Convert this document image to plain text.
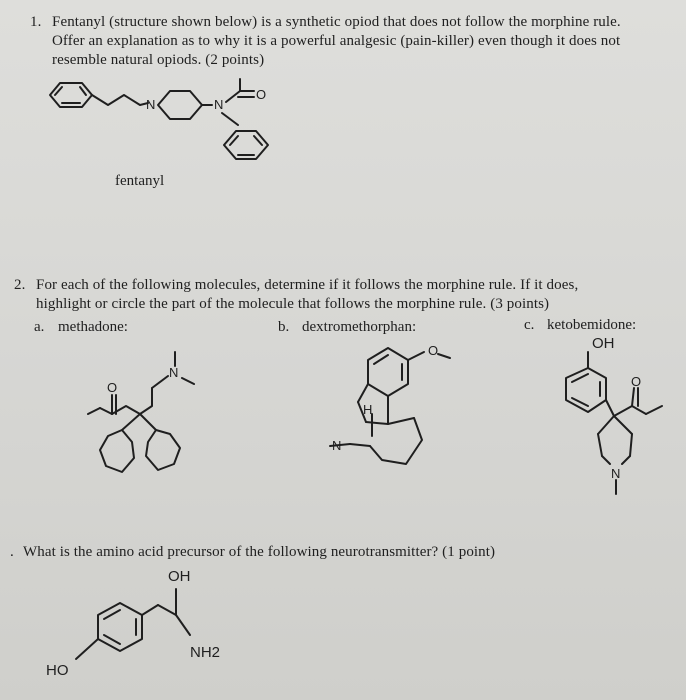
1. Fentanyl (structure shown below) is a synthetic opiod that does not follow the morphine rule.
Offer an explanation as to why it is a powerful analgesic (pain-killer) even though it does not
resemble natural opiods. (2 points)
N	N
O
fentanyl
2. For each of the following molecules, determine if it follows the morphine rule. If it does,
highlight or circle the part of the molecule that follows the morphine rule. (3 points)
a. methadone:	b. dextromethorphan:	c. ketobemidone:
N
O
O
H
N
OH
O
N
. What is the amino acid precursor of the following neurotransmitter? (1 point)
OH
NH2
HO
